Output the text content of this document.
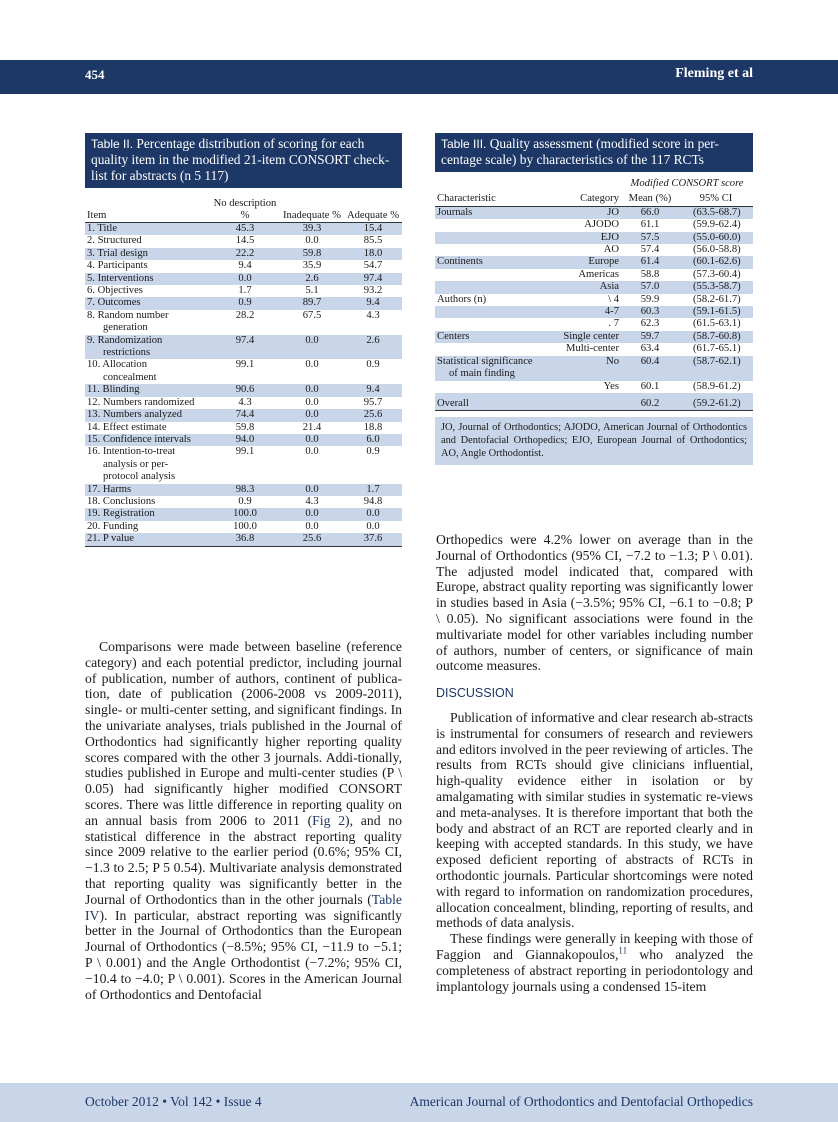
454	Fleming et al
Table II. Percentage distribution of scoring for each quality item in the modified 21-item CONSORT check-list for abstracts (n 5 117)
Item	No description %	Inadequate %	Adequate %

1. Title	45.3	39.3	15.4

2. Structured	14.5	0.0	85.5

3. Trial design	22.2	59.8	18.0

4. Participants	9.4	35.9	54.7

5. Interventions	0.0	2.6	97.4

6. Objectives	1.7	5.1	93.2

7. Outcomes	0.9	89.7	9.4

8. Random number
generation	28.2	67.5	4.3

9. Randomization
restrictions	97.4	0.0	2.6

10. Allocation
concealment	99.1	0.0	0.9

11. Blinding	90.6	0.0	9.4

12. Numbers randomized	4.3	0.0	95.7

13. Numbers analyzed	74.4	0.0	25.6

14. Effect estimate	59.8	21.4	18.8

15. Confidence intervals	94.0	0.0	6.0

16. Intention-to-treat
analysis or per-
protocol analysis	99.1	0.0	0.9

17. Harms	98.3	0.0	1.7

18. Conclusions	0.9	4.3	94.8

19. Registration	100.0	0.0	0.0

20. Funding	100.0	0.0	0.0

21. P value	36.8	25.6	37.6
Table III. Quality assessment (modified score in per-centage scale) by characteristics of the 117 RCTs
		Modified CONSORT score	
Characteristic	Category	Mean (%)	95% CI

Journals	JO	66.0	(63.5-68.7)

	AJODO	61.1	(59.9-62.4)

	EJO	57.5	(55.0-60.0)

	AO	57.4	(56.0-58.8)

Continents	Europe	61.4	(60.1-62.6)

	Americas	58.8	(57.3-60.4)

	Asia	57.0	(55.3-58.7)

Authors (n)	\ 4	59.9	(58.2-61.7)

	4-7	60.3	(59.1-61.5)

	. 7	62.3	(61.5-63.1)

Centers	Single center	59.7	(58.7-60.8)

	Multi-center	63.4	(61.7-65.1)

Statistical significance
of main finding	No	60.4	(58.7-62.1)

	Yes	60.1	(58.9-61.2)

Overall		60.2	(59.2-61.2)
JO, Journal of Orthodontics; AJODO, American Journal of Orthodontics and Dentofacial Orthopedics; EJO, European Journal of Orthodontics; AO, Angle Orthodontist.

Comparisons were made between baseline (reference category) and each potential predictor, including journal of publication, number of authors, continent of publica-tion, date of publication (2006-2008 vs 2009-2011), single- or multi-center setting, and significant findings. In the univariate analyses, trials published in the Journal of Orthodontics had significantly higher reporting quality scores compared with the other 3 journals. Addi-tionally, studies published in Europe and multi-center studies (P \ 0.05) had significantly higher modified CONSORT scores. There was little difference in reporting quality on an annual basis from 2006 to 2011 (Fig 2), and no statistical difference in the abstract reporting quality since 2009 relative to the earlier period (0.6%; 95% CI, −1.3 to 2.5; P 5 0.54). Multivariate analysis demonstrated that reporting quality was significantly better in the Journal of Orthodontics than in the other journals (Table IV). In particular, abstract reporting was significantly better in the Journal of Orthodontics than the European Journal of Orthodontics (−8.5%; 95% CI, −11.9 to −5.1; P \ 0.001) and the Angle Orthodontist (−7.2%; 95% CI, −10.4 to −4.0; P \ 0.001). Scores in the American Journal of Orthodontics and Dentofacial

Orthopedics were 4.2% lower on average than in the Journal of Orthodontics (95% CI, −7.2 to −1.3; P \ 0.01). The adjusted model indicated that, compared with Europe, abstract quality reporting was significantly lower in studies based in Asia (−3.5%; 95% CI, −6.1 to −0.8; P \ 0.05). No significant associations were found in the multivariate model for other variables including number of authors, number of centers, or significance of main outcome measures.

DISCUSSION

Publication of informative and clear research ab-stracts is instrumental for consumers of research and reviewers and editors involved in the peer reviewing of articles. The results from RCTs should give clinicians influential, high-quality evidence either in isolation or by amalgamating with similar studies in systematic re-views and meta-analyses. It is therefore important that both the body and abstract of an RCT are reported clearly and in keeping with accepted standards. In this study, we have exposed deficient reporting of abstracts of RCTs in orthodontic journals. Particular shortcomings were noted with regard to information on randomization procedures, allocation concealment, blinding, reporting of results, and methods of data analysis.

These findings were generally in keeping with those of Faggion and Giannakopoulos,$^{11}$ who analyzed the completeness of abstract reporting in periodontology and implantology journals using a condensed 15-item

October 2012 • Vol 142 • Issue 4	American Journal of Orthodontics and Dentofacial Orthopedics
